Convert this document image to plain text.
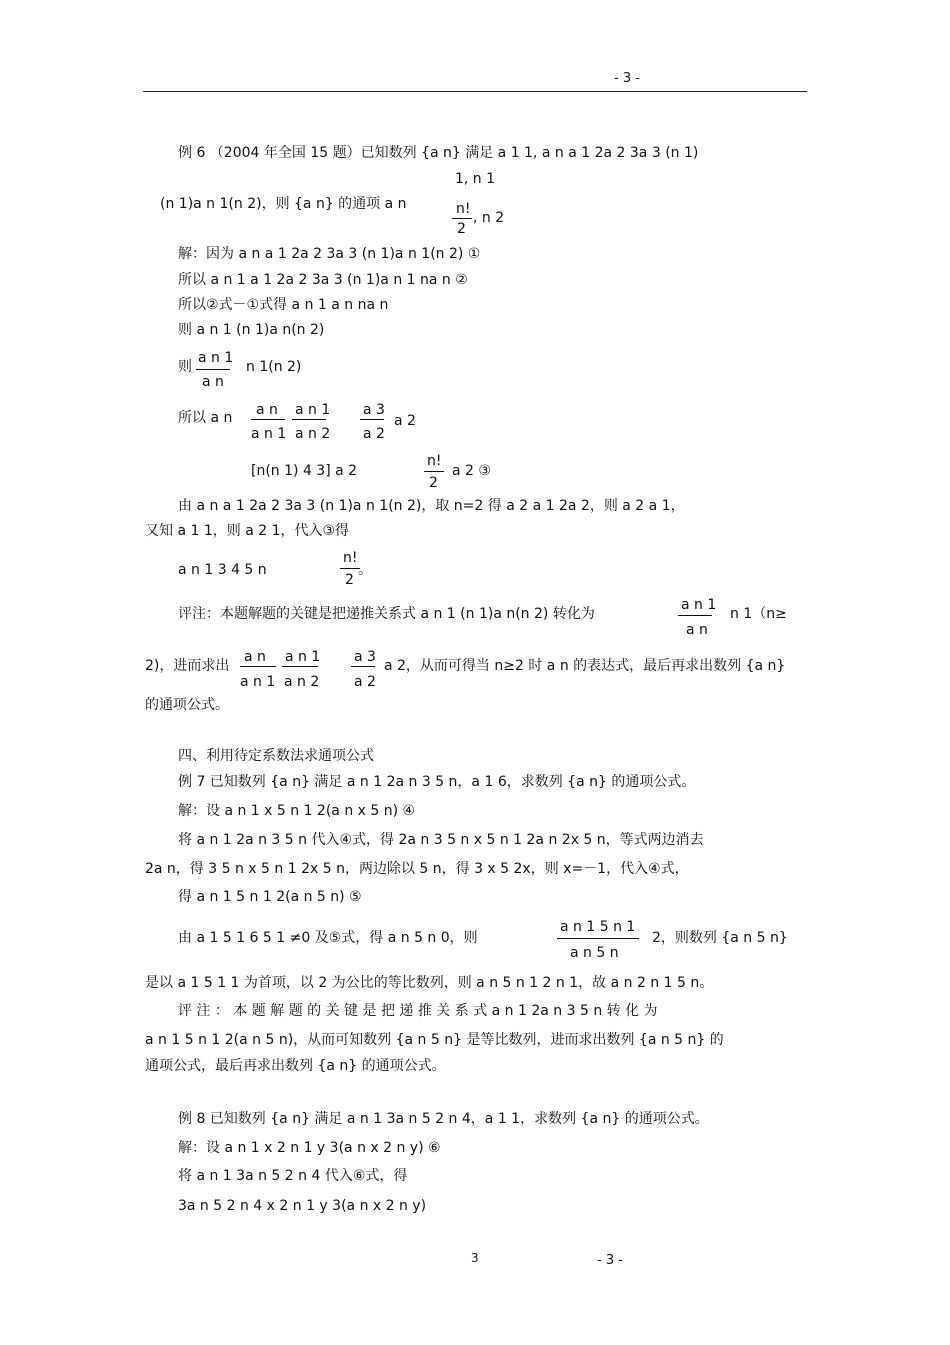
- 3 -
例 6 （2004 年全国 15 题）已知数列 {a n} 满足 a 1 1, a n a 1 2a 2 3a 3 (n 1)
1, n 1
(n 1)a n 1(n 2)，则 {a n} 的通项 a n	n!
2
, n 2
解：因为 a n a 1 2a 2 3a 3 (n 1)a n 1(n 2) ①
所以 a n 1 a 1 2a 2 3a 3 (n 1)a n 1 na n ②
所以②式－①式得 a n 1 a n na n
则 a n 1 (n 1)a n(n 2)
则
a n 1
a n
n 1(n 2)
所以 a n a n
a n 1
a n 1
a n 2
a 3
a 2
a 2
[n(n 1) 4 3] a 2
n!
2
a 2 ③
由 a n a 1 2a 2 3a 3 (n 1)a n 1(n 2)，取 n=2 得 a 2 a 1 2a 2，则 a 2 a 1，
又知 a 1 1，则 a 2 1，代入③得
a n 1 3 4 5 n
n!
2
。
评注：本题解题的关键是把递推关系式 a n 1 (n 1)a n(n 2) 转化为
a n 1
a n
n 1（n≥
2)，进而求出
a n
a n 1
a n 1
a n 2
a 3
a 2
a 2，从而可得当 n≥2 时 a n 的表达式，最后再求出数列 {a n}
的通项公式。
四、利用待定系数法求通项公式
例 7 已知数列 {a n} 满足 a n 1 2a n 3 5 n，a 1 6，求数列 {a n} 的通项公式。
解：设 a n 1 x 5 n 1 2(a n x 5 n) ④
将 a n 1 2a n 3 5 n 代入④式，得 2a n 3 5 n x 5 n 1 2a n 2x 5 n，等式两边消去
2a n，得 3 5 n x 5 n 1 2x 5 n，两边除以 5 n，得 3 x 5 2x，则 x=－1，代入④式，
得 a n 1 5 n 1 2(a n 5 n) ⑤
由 a 1 5 1 6 5 1 ≠0 及⑤式，得 a n 5 n 0，则
a n 1 5 n 1
a n 5 n
2，则数列 {a n 5 n}
是以 a 1 5 1 1 为首项，以 2 为公比的等比数列，则 a n 5 n 1 2 n 1，故 a n 2 n 1 5 n。
评 注 ： 本 题 解 题 的 关 键 是 把 递 推 关 系 式 a n 1 2a n 3 5 n 转 化 为
a n 1 5 n 1 2(a n 5 n)，从而可知数列 {a n 5 n} 是等比数列，进而求出数列 {a n 5 n} 的
通项公式，最后再求出数列 {a n} 的通项公式。
例 8 已知数列 {a n} 满足 a n 1 3a n 5 2 n 4，a 1 1，求数列 {a n} 的通项公式。
解：设 a n 1 x 2 n 1 y 3(a n x 2 n y) ⑥
将 a n 1 3a n 5 2 n 4 代入⑥式，得
3a n 5 2 n 4 x 2 n 1 y 3(a n x 2 n y)
3	- 3 -
